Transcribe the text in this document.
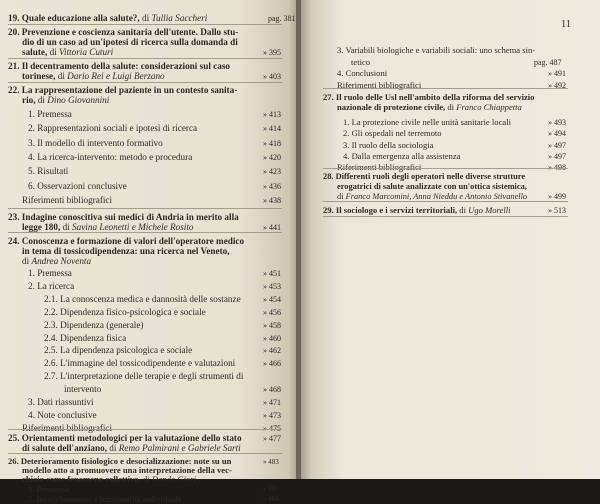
19. Quale educazione alla salute?, di Tullia Saccheri	pag. 381
20. Prevenzione e coscienza sanitaria dell'utente. Dallo stu-
dio di un caso ad un'ipotesi di ricerca sulla domanda di
salute, di Vittoria Cuturi	» 395
21. Il decentramento della salute: considerazioni sul caso
torinese, di Dario Rei e Luigi Berzano	» 403
22. La rappresentazione del paziente in un contesto sanita-
rio, di Dino Giovannini
1. Premessa	» 413
2. Rappresentazioni sociali e ipotesi di ricerca	» 414
3. Il modello di intervento formativo	» 418
4. La ricerca-intervento: metodo e procedura	» 420
5. Risultati	» 423
6. Osservazioni conclusive	» 436
Riferimenti bibliografici	» 438
23. Indagine conoscitiva sui medici di Andria in merito alla
legge 180, di Savina Leonetti e Michele Rosito	» 441
24. Conoscenza e formazione di valori dell'operatore medico
in tema di tossicodipendenza: una ricerca nel Veneto,
di Andrea Noventa
1. Premessa	» 451
2. La ricerca	» 453
2.1. La conoscenza medica e dannosità delle sostanze	» 454
2.2. Dipendenza fisico-psicologica e sociale	» 456
2.3. Dipendenza (generale)	» 458
2.4. Dipendenza fisica	» 460
2.5. La dipendenza psicologica e sociale	» 462
2.6. L'immagine del tossicodipendente e valutazioni	» 466
2.7. L'interpretazione delle terapie e degli strumenti di
intervento	» 468
3. Dati riassuntivi	» 471
4. Note conclusive	» 473
Riferimenti bibliografici	» 475
25. Orientamenti metodologici per la valutazione dello stato
di salute dell'anziano, di Remo Palmirani e Gabriele Sarti
» 477
26. Deterioramento fisiologico e desocializzazione: note su un
modello atto a promuovere una interpretazione della vec-
chiaia come fenomeno collettivo, di Dando Giori
» 483
1. Premessa	» 483
2. Invecchiamento e funzionalità individuale	» 484
11
3. Variabili biologiche e variabili sociali: uno schema sin-
tetico	pag. 487
4. Conclusioni	» 491
Riferimenti bibliografici	» 492
27. Il ruolo delle Usl nell'ambito della riforma del servizio
nazionale di protezione civile, di Franco Chiappetta
1. La protezione civile nelle unità sanitarie locali	» 493
2. Gli ospedali nel terremoto	» 494
3. Il ruolo della sociologia	» 497
4. Dalla emergenza alla assistenza	» 497
Riferimenti bibliografici	» 498
28. Differenti ruoli degli operatori nelle diverse strutture
erogatrici di salute analizzate con un'ottica sistemica,
di Franco Marcomini, Anna Nieddu e Antonio Stivanello	» 499
29. Il sociologo e i servizi territoriali, di Ugo Morelli	» 513
